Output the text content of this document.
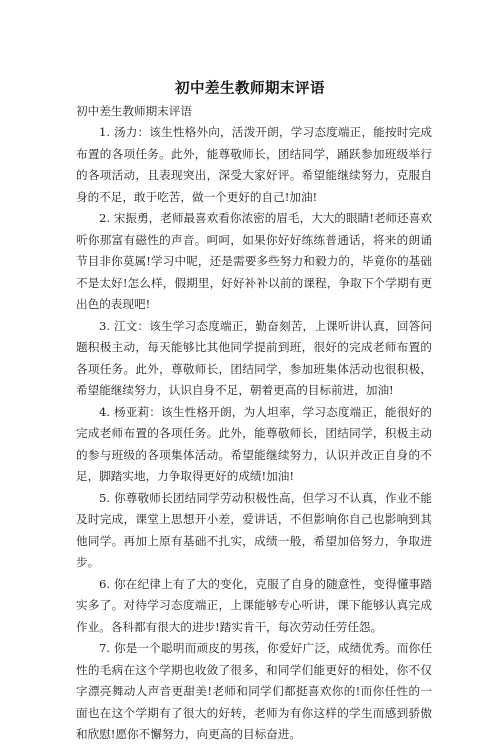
初中差生教师期末评语

初中差生教师期末评语

1. 汤力：该生性格外向，活泼开朗，学习态度端正，能按时完成布置的各项任务。此外，能尊敬师长，团结同学，踊跃参加班级举行的各项活动，且表现突出，深受大家好评。希望能继续努力，克服自身的不足，敢于吃苦，做一个更好的自己!加油!

2. 宋振勇，老师最喜欢看你浓密的眉毛，大大的眼睛!老师还喜欢听你那富有磁性的声音。呵呵，如果你好好练练普通话，将来的朗诵节目非你莫属!学习中呢，还是需要多些努力和毅力的，毕竟你的基础不是太好!怎么样，假期里，好好补补以前的课程，争取下个学期有更出色的表现吧!

3. 江文：该生学习态度端正，勤奋刻苦，上课听讲认真，回答问题积极主动，每天能够比其他同学提前到班，很好的完成老师布置的各项任务。此外，尊敬师长，团结同学，参加班集体活动也很积极，希望能继续努力，认识自身不足，朝着更高的目标前进，加油!

4. 杨亚莉：该生性格开朗，为人坦率，学习态度端正，能很好的完成老师布置的各项任务。此外，能尊敬师长，团结同学，积极主动的参与班级的各项集体活动。希望能继续努力，认识并改正自身的不足，脚踏实地，力争取得更好的成绩!加油!

5. 你尊敬师长团结同学劳动积极性高，但学习不认真，作业不能及时完成，课堂上思想开小差，爱讲话，不但影响你自己也影响到其他同学。再加上原有基础不扎实，成绩一般，希望加倍努力，争取进步。

6. 你在纪律上有了大的变化，克服了自身的随意性，变得懂事踏实多了。对待学习态度端正，上课能够专心听讲，课下能够认真完成作业。各科都有很大的进步!踏实肯干，每次劳动任劳任怨。

7. 你是一个聪明而顽皮的男孩，你爱好广泛，成绩优秀。而你任性的毛病在这个学期也收敛了很多，和同学们能更好的相处，你不仅字漂亮舞动人声音更甜美!老师和同学们都挺喜欢你的!而你任性的一面也在这个学期有了很大的好转，老师为有你这样的学生而感到骄傲和欣慰!愿你不懈努力，向更高的目标奋进。
